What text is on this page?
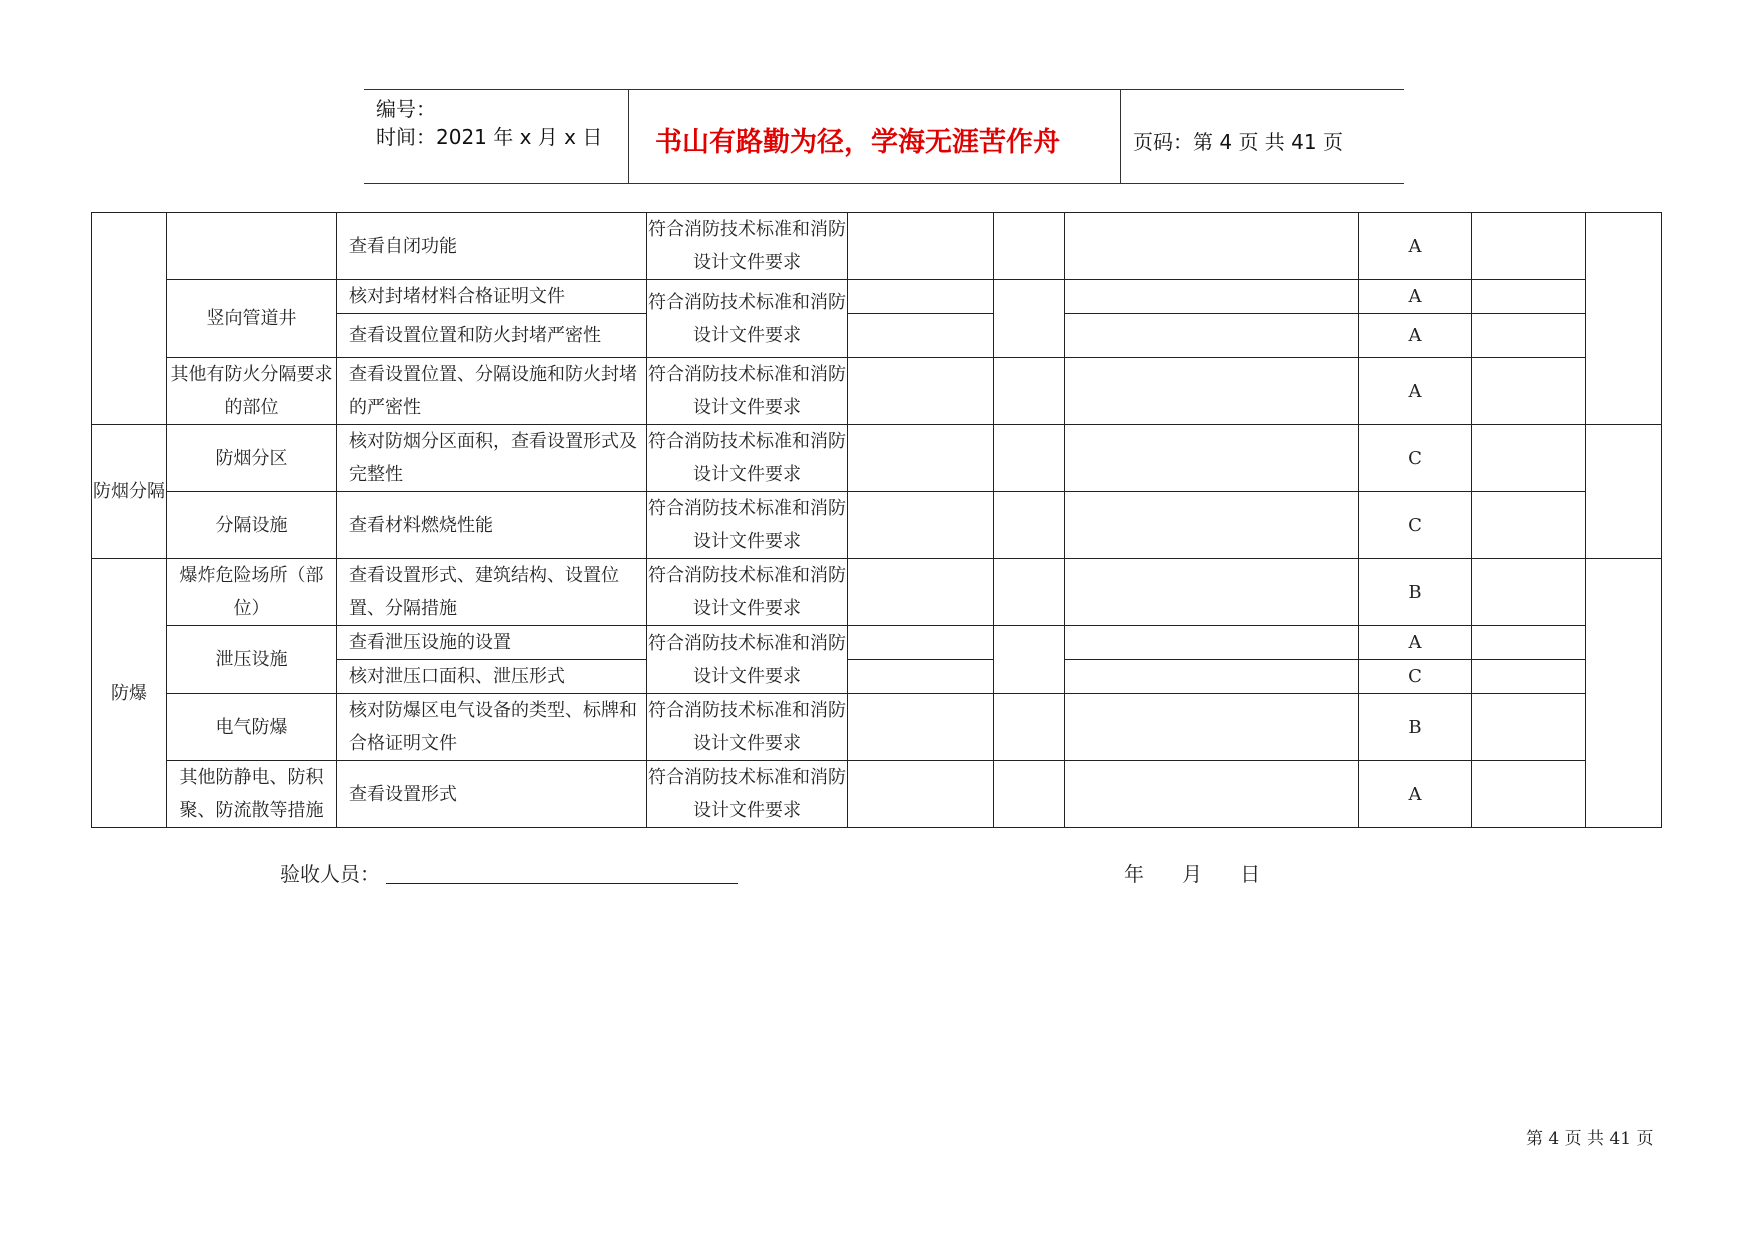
编号：
时间：2021 年 x 月 x 日 书山有路勤为径，学海无涯苦作舟	页码：第 4 页 共 41 页
		查看自闭功能	符合消防技术标准和消防设计文件要求				A		
	竖向管道井	核对封堵材料合格证明文件	符合消防技术标准和消防设计文件要求				A		
		查看设置位置和防火封堵严密性					A		
	其他有防火分隔要求的部位	查看设置位置、分隔设施和防火封堵的严密性	符合消防技术标准和消防设计文件要求				A		
防烟分隔	防烟分区	核对防烟分区面积，查看设置形式及完整性	符合消防技术标准和消防设计文件要求				C		
	分隔设施	查看材料燃烧性能	符合消防技术标准和消防设计文件要求				C		
防爆	爆炸危险场所（部位）	查看设置形式、建筑结构、设置位置、分隔措施	符合消防技术标准和消防设计文件要求				B		
	泄压设施	查看泄压设施的设置	符合消防技术标准和消防设计文件要求				A		
		核对泄压口面积、泄压形式					C		
	电气防爆	核对防爆区电气设备的类型、标牌和合格证明文件	符合消防技术标准和消防设计文件要求				B		
	其他防静电、防积聚、防流散等措施	查看设置形式	符合消防技术标准和消防设计文件要求				A		
验收人员：	年      月      日
第 4 页 共 41 页
